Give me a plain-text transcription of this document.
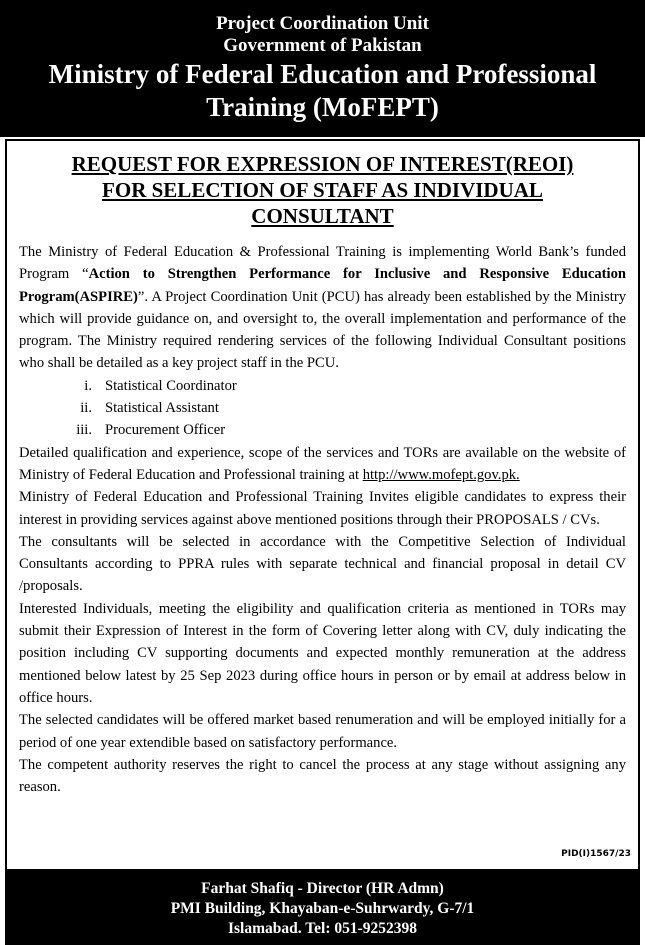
Project Coordination Unit
Government of Pakistan
Ministry of Federal Education and Professional
Training (MoFEPT)
REQUEST FOR EXPRESSION OF INTEREST(REOI)
FOR SELECTION OF STAFF AS INDIVIDUAL
CONSULTANT

The Ministry of Federal Education & Professional Training is implementing World Bank’s funded Program “Action to Strengthen Performance for Inclusive and Responsive Education Program(ASPIRE)”. A Project Coordination Unit (PCU) has already been established by the Ministry which will provide guidance on, and oversight to, the overall implementation and performance of the program. The Ministry required rendering services of the following Individual Consultant positions who shall be detailed as a key project staff in the PCU.

i. Statistical Coordinator
ii. Statistical Assistant
iii. Procurement Officer

Detailed qualification and experience, scope of the services and TORs are available on the website of Ministry of Federal Education and Professional training at http://www.mofept.gov.pk.

Ministry of Federal Education and Professional Training Invites eligible candidates to express their interest in providing services against above mentioned positions through their PROPOSALS / CVs.

The consultants will be selected in accordance with the Competitive Selection of Individual Consultants according to PPRA rules with separate technical and financial proposal in detail CV /proposals.

Interested Individuals, meeting the eligibility and qualification criteria as mentioned in TORs may submit their Expression of Interest in the form of Covering letter along with CV, duly indicating the position including CV supporting documents and expected monthly remuneration at the address mentioned below latest by 25 Sep 2023 during office hours in person or by email at address below in office hours.

The selected candidates will be offered market based renumeration and will be employed initially for a period of one year extendible based on satisfactory performance.

The competent authority reserves the right to cancel the process at any stage without assigning any reason.

PID(I)1567/23
Farhat Shafiq - Director (HR Admn)
PMI Building, Khayaban-e-Suhrwardy, G-7/1
Islamabad. Tel: 051-9252398
